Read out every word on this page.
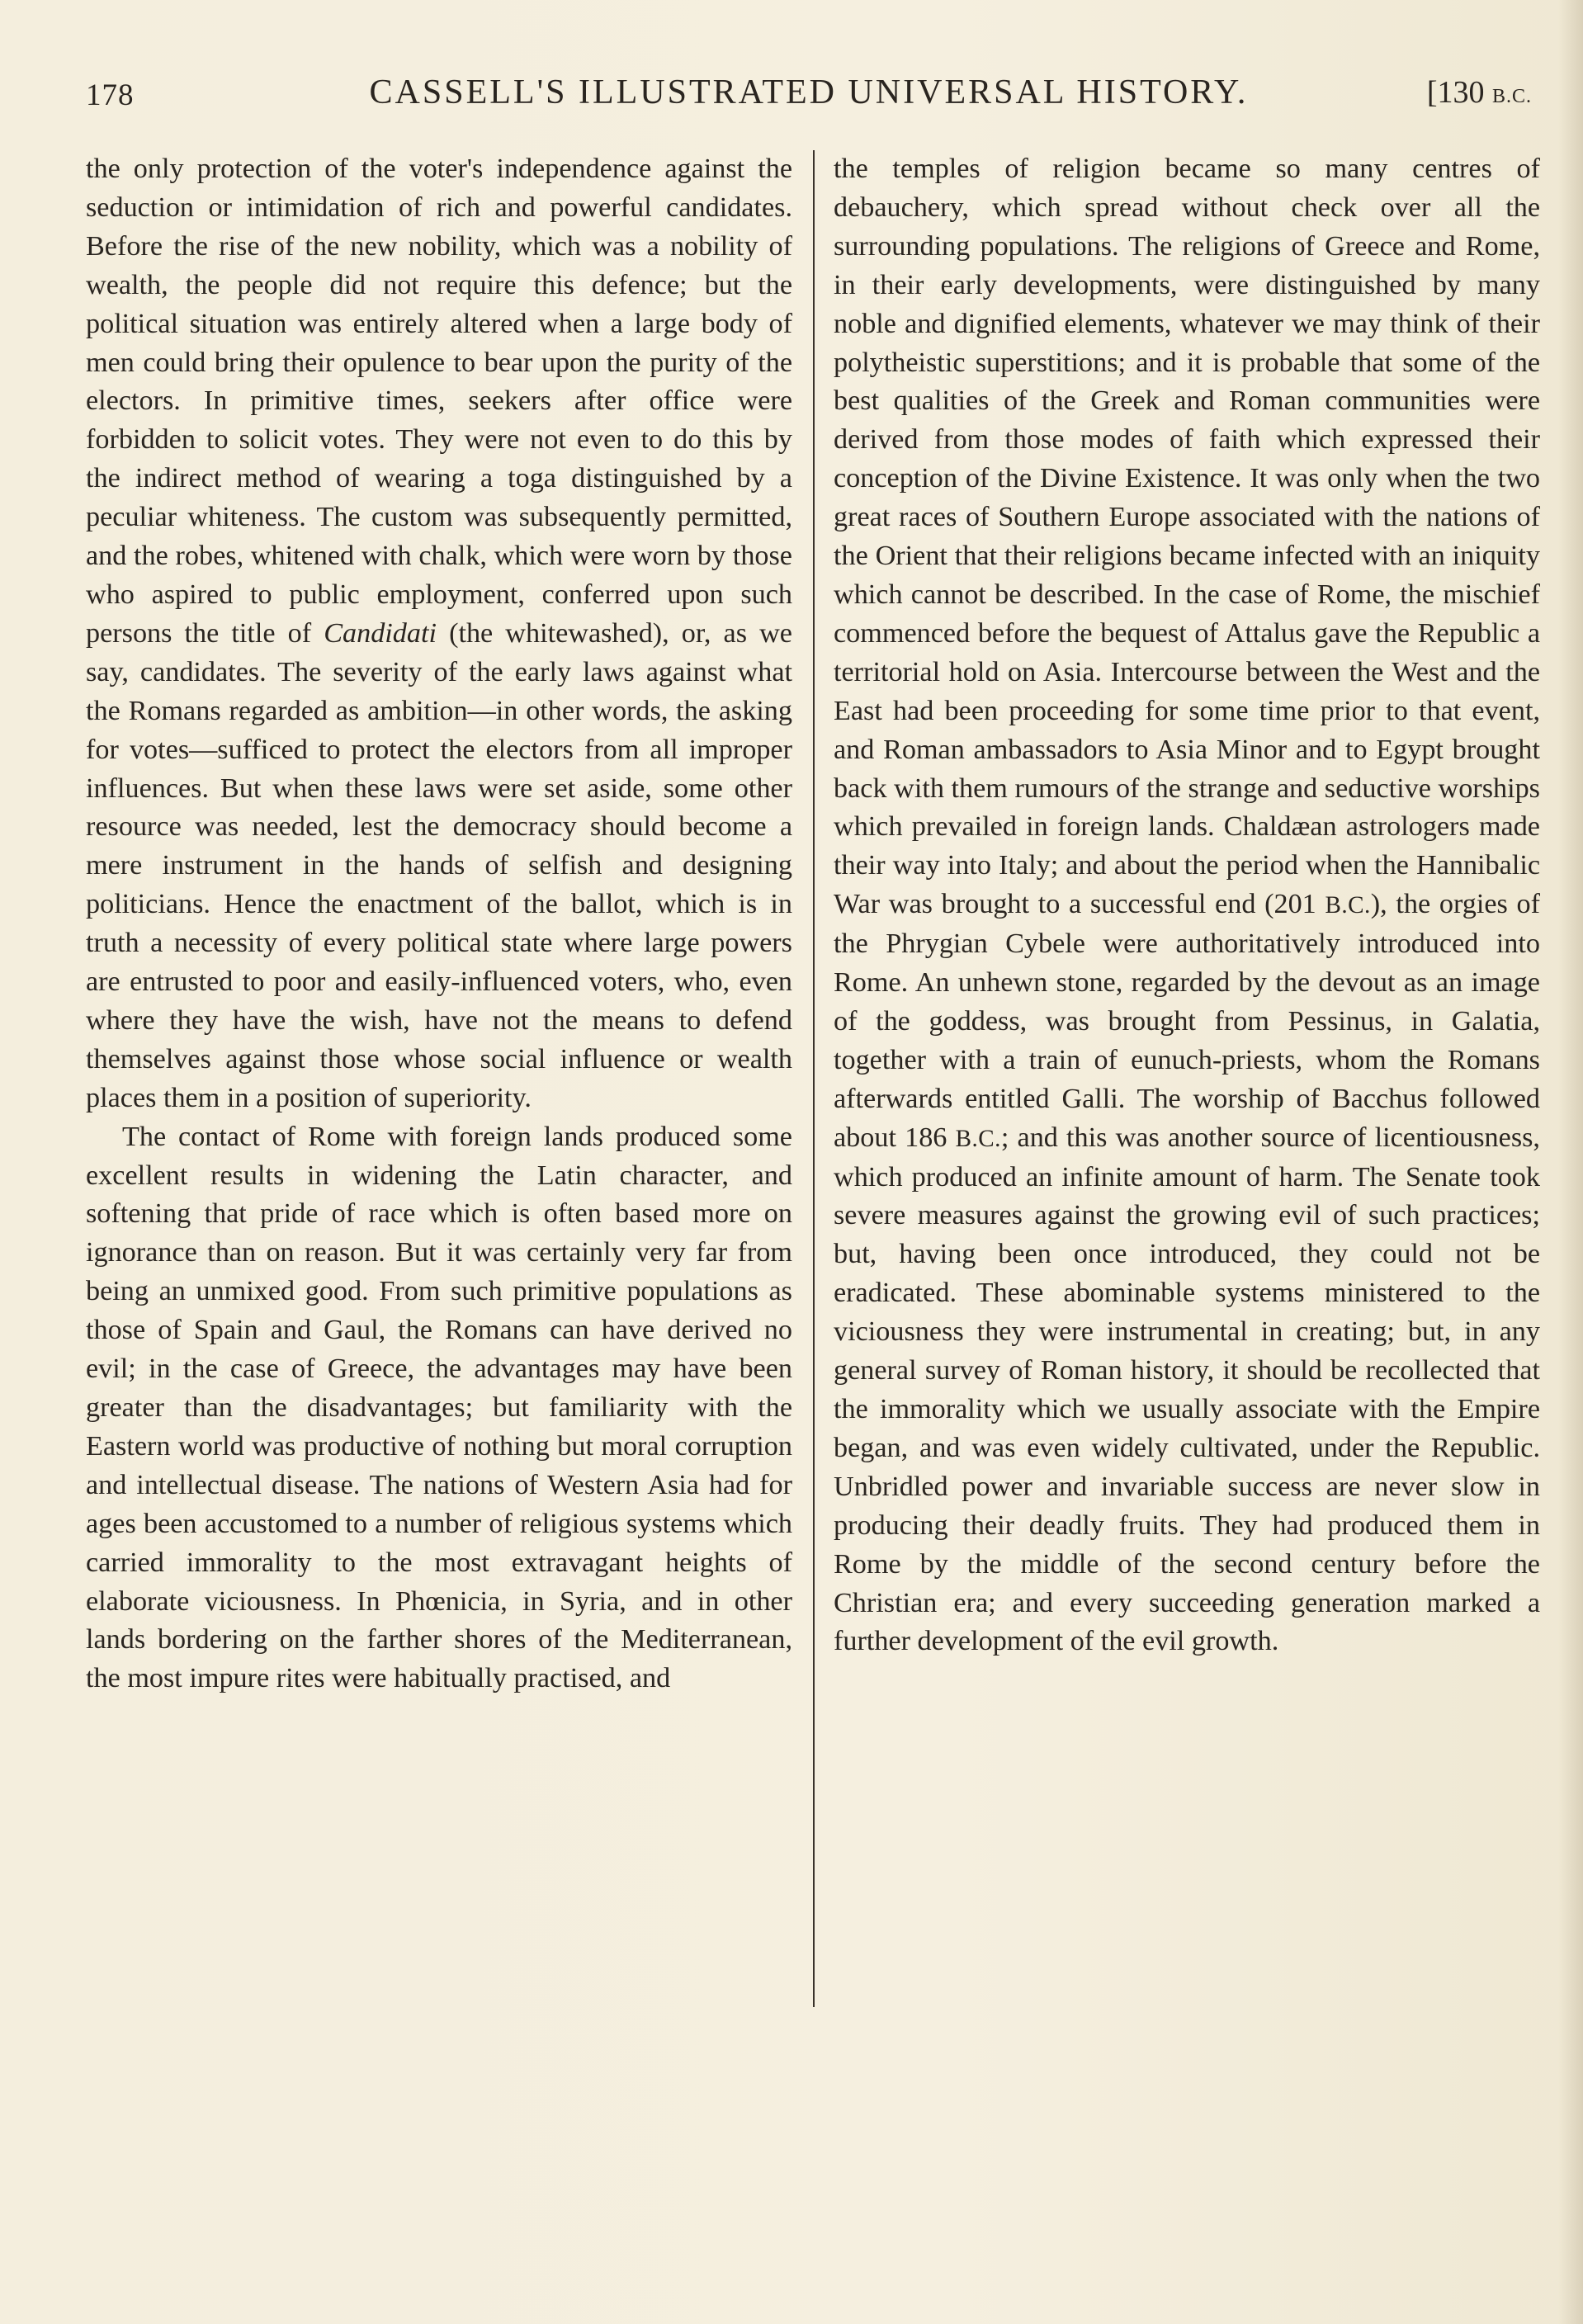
178	CASSELL'S ILLUSTRATED UNIVERSAL HISTORY.	[130 B.C.

the only protection of the voter's independence against the seduction or intimidation of rich and powerful candidates. Before the rise of the new nobility, which was a nobility of wealth, the people did not require this defence; but the political situation was entirely altered when a large body of men could bring their opulence to bear upon the purity of the electors. In primitive times, seekers after office were forbidden to solicit votes. They were not even to do this by the indirect method of wearing a toga distinguished by a peculiar whiteness. The custom was subsequently permitted, and the robes, whitened with chalk, which were worn by those who aspired to public employment, conferred upon such persons the title of Candidati (the whitewashed), or, as we say, candidates. The severity of the early laws against what the Romans regarded as ambition—in other words, the asking for votes—sufficed to protect the electors from all improper influences. But when these laws were set aside, some other resource was needed, lest the democracy should become a mere instrument in the hands of selfish and designing politicians. Hence the enactment of the ballot, which is in truth a necessity of every political state where large powers are entrusted to poor and easily-influenced voters, who, even where they have the wish, have not the means to defend themselves against those whose social influence or wealth places them in a position of superiority.

The contact of Rome with foreign lands produced some excellent results in widening the Latin character, and softening that pride of race which is often based more on ignorance than on reason. But it was certainly very far from being an unmixed good. From such primitive populations as those of Spain and Gaul, the Romans can have derived no evil; in the case of Greece, the advantages may have been greater than the disadvantages; but familiarity with the Eastern world was productive of nothing but moral corruption and intellectual disease. The nations of Western Asia had for ages been accustomed to a number of religious systems which carried immorality to the most extravagant heights of elaborate viciousness. In Phœnicia, in Syria, and in other lands bordering on the farther shores of the Mediterranean, the most impure rites were habitually practised, and

the temples of religion became so many centres of debauchery, which spread without check over all the surrounding populations. The religions of Greece and Rome, in their early developments, were distinguished by many noble and dignified elements, whatever we may think of their polytheistic superstitions; and it is probable that some of the best qualities of the Greek and Roman communities were derived from those modes of faith which expressed their conception of the Divine Existence. It was only when the two great races of Southern Europe associated with the nations of the Orient that their religions became infected with an iniquity which cannot be described. In the case of Rome, the mischief commenced before the bequest of Attalus gave the Republic a territorial hold on Asia. Intercourse between the West and the East had been proceeding for some time prior to that event, and Roman ambassadors to Asia Minor and to Egypt brought back with them rumours of the strange and seductive worships which prevailed in foreign lands. Chaldæan astrologers made their way into Italy; and about the period when the Hannibalic War was brought to a successful end (201 B.C.), the orgies of the Phrygian Cybele were authoritatively introduced into Rome. An unhewn stone, regarded by the devout as an image of the goddess, was brought from Pessinus, in Galatia, together with a train of eunuch-priests, whom the Romans afterwards entitled Galli. The worship of Bacchus followed about 186 B.C.; and this was another source of licentiousness, which produced an infinite amount of harm. The Senate took severe measures against the growing evil of such practices; but, having been once introduced, they could not be eradicated. These abominable systems ministered to the viciousness they were instrumental in creating; but, in any general survey of Roman history, it should be recollected that the immorality which we usually associate with the Empire began, and was even widely cultivated, under the Republic. Unbridled power and invariable success are never slow in producing their deadly fruits. They had produced them in Rome by the middle of the second century before the Christian era; and every succeeding generation marked a further development of the evil growth.
